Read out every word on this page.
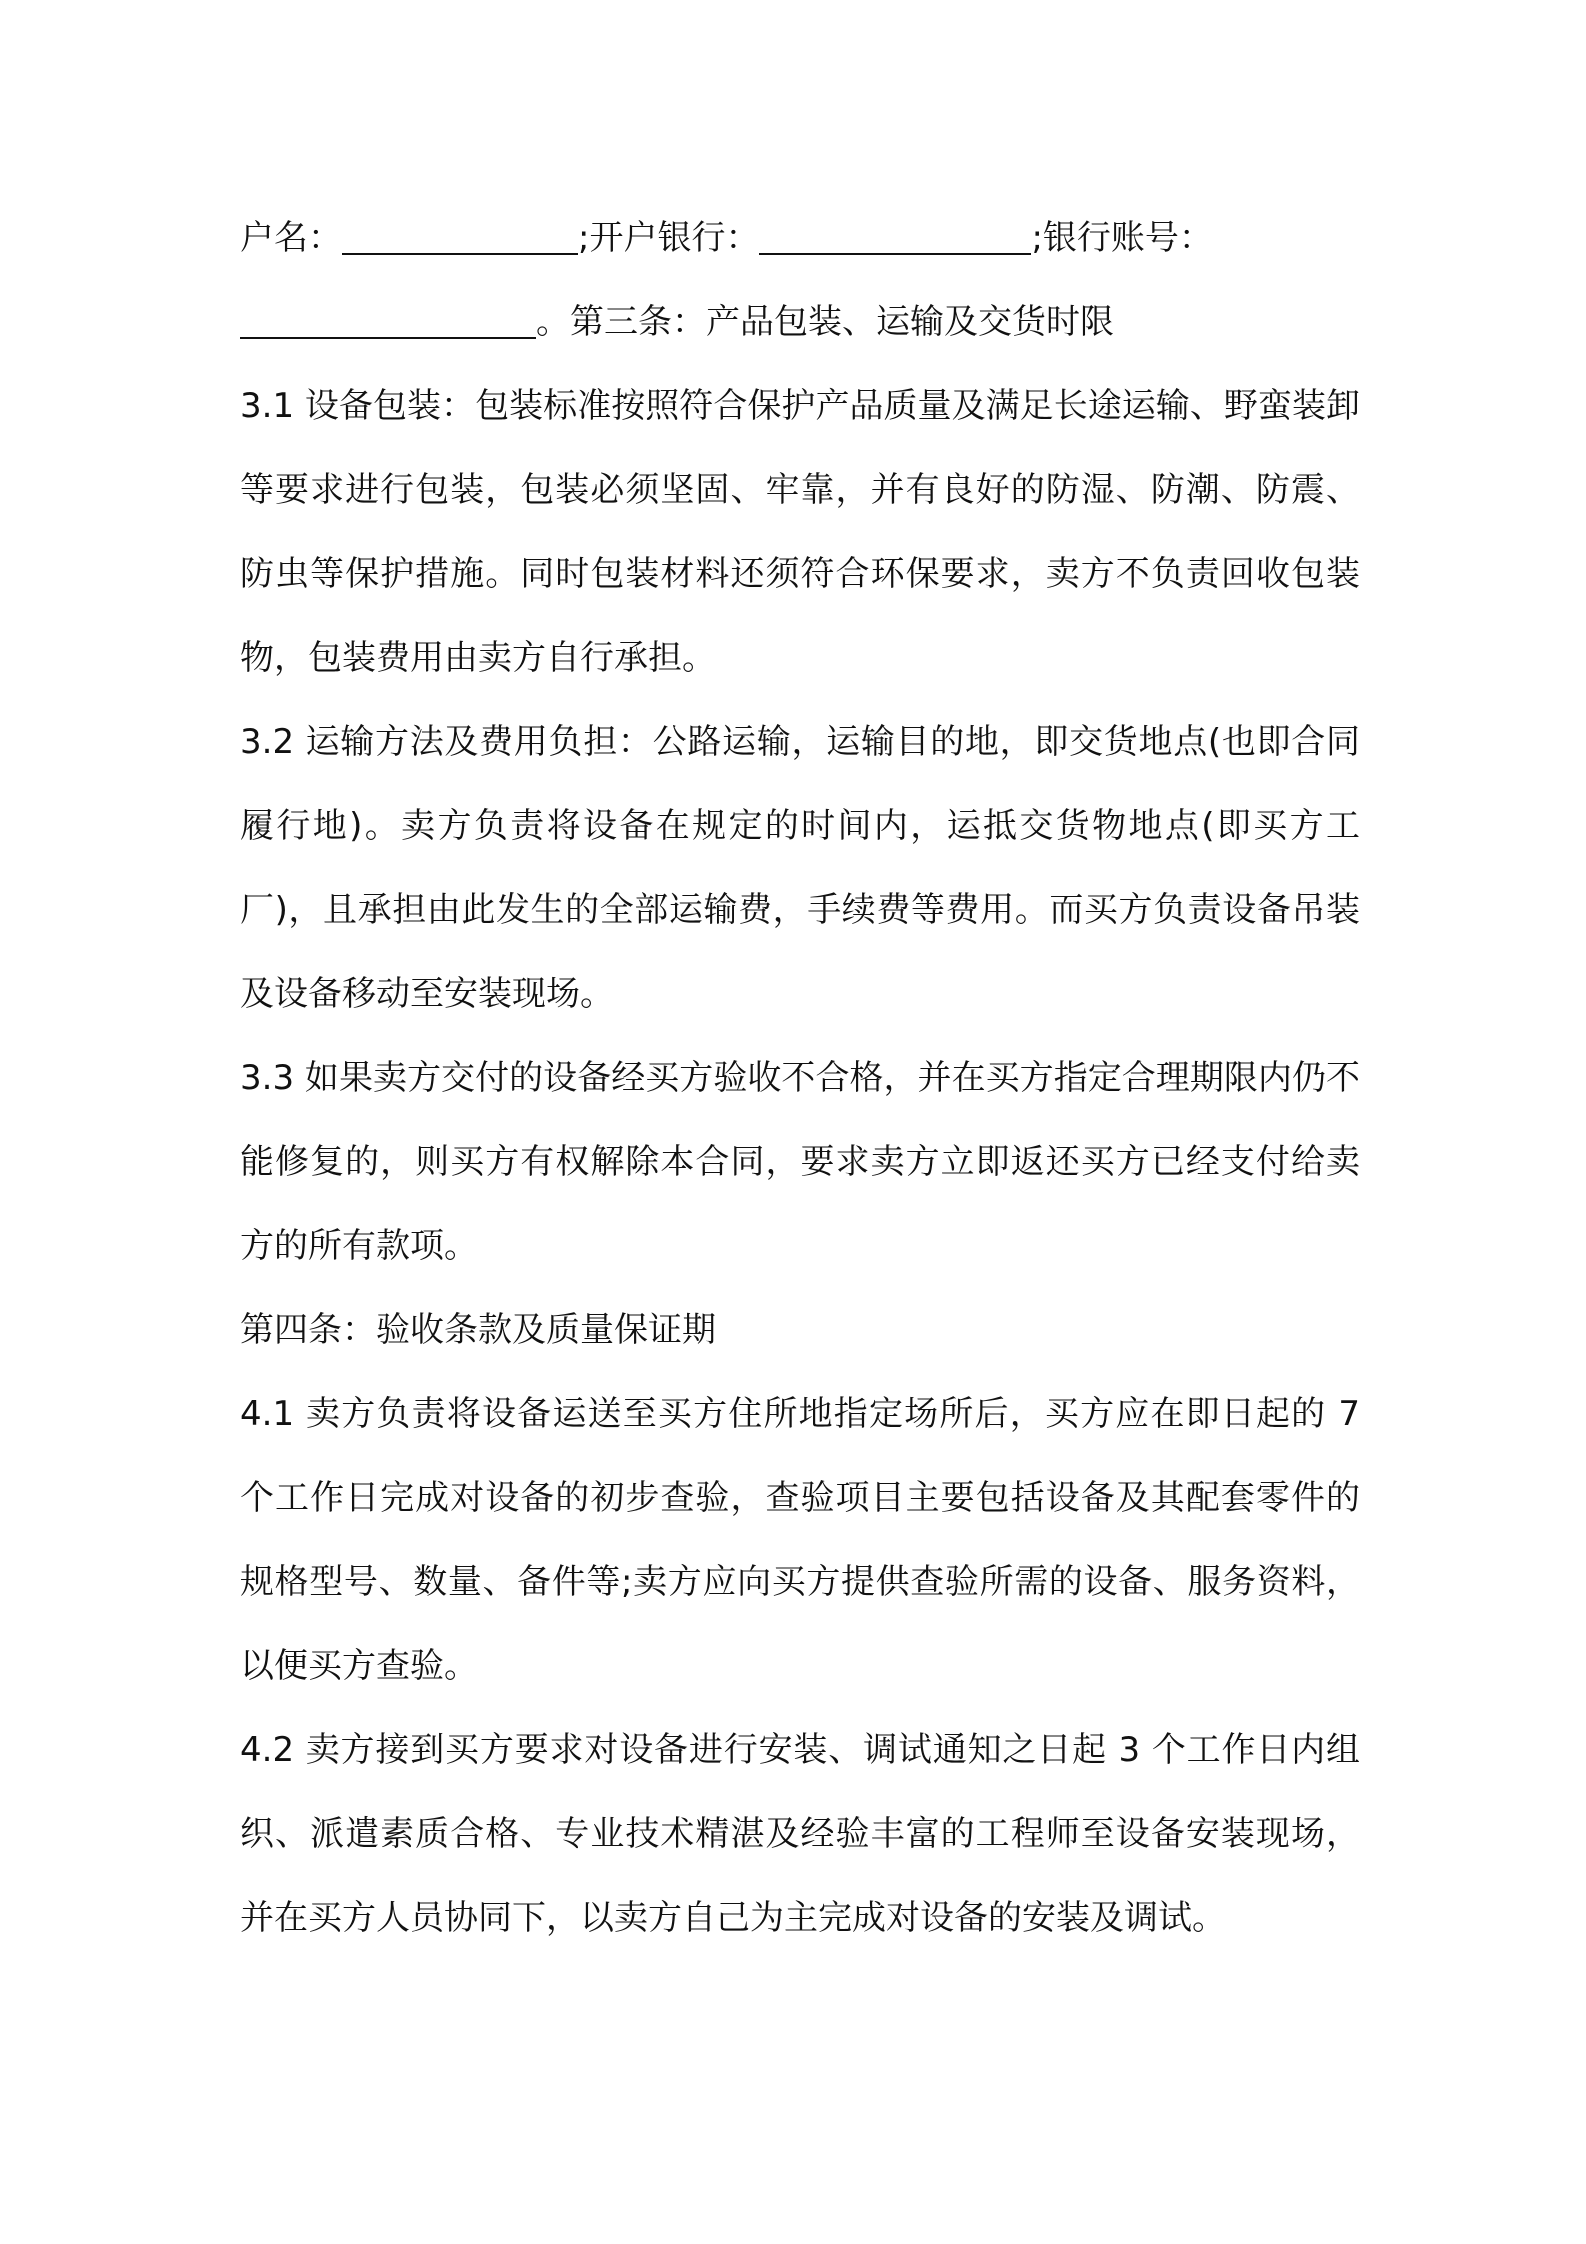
户名：	;开户银行：	;银行账号：
。第三条：产品包装、运输及交货时限

3.1 设备包装：包装标准按照符合保护产品质量及满足长途运输、野蛮装卸等要求进行包装，包装必须坚固、牢靠，并有良好的防湿、防潮、防震、防虫等保护措施。同时包装材料还须符合环保要求，卖方不负责回收包装物，包装费用由卖方自行承担。

3.2 运输方法及费用负担：公路运输，运输目的地，即交货地点(也即合同履行地)。卖方负责将设备在规定的时间内，运抵交货物地点(即买方工厂)，且承担由此发生的全部运输费，手续费等费用。而买方负责设备吊装及设备移动至安装现场。

3.3 如果卖方交付的设备经买方验收不合格，并在买方指定合理期限内仍不能修复的，则买方有权解除本合同，要求卖方立即返还买方已经支付给卖方的所有款项。

第四条：验收条款及质量保证期

4.1 卖方负责将设备运送至买方住所地指定场所后，买方应在即日起的 7 个工作日完成对设备的初步查验，查验项目主要包括设备及其配套零件的规格型号、数量、备件等;卖方应向买方提供查验所需的设备、服务资料，以便买方查验。

4.2 卖方接到买方要求对设备进行安装、调试通知之日起 3 个工作日内组织、派遣素质合格、专业技术精湛及经验丰富的工程师至设备安装现场，并在买方人员协同下，以卖方自己为主完成对设备的安装及调试。
